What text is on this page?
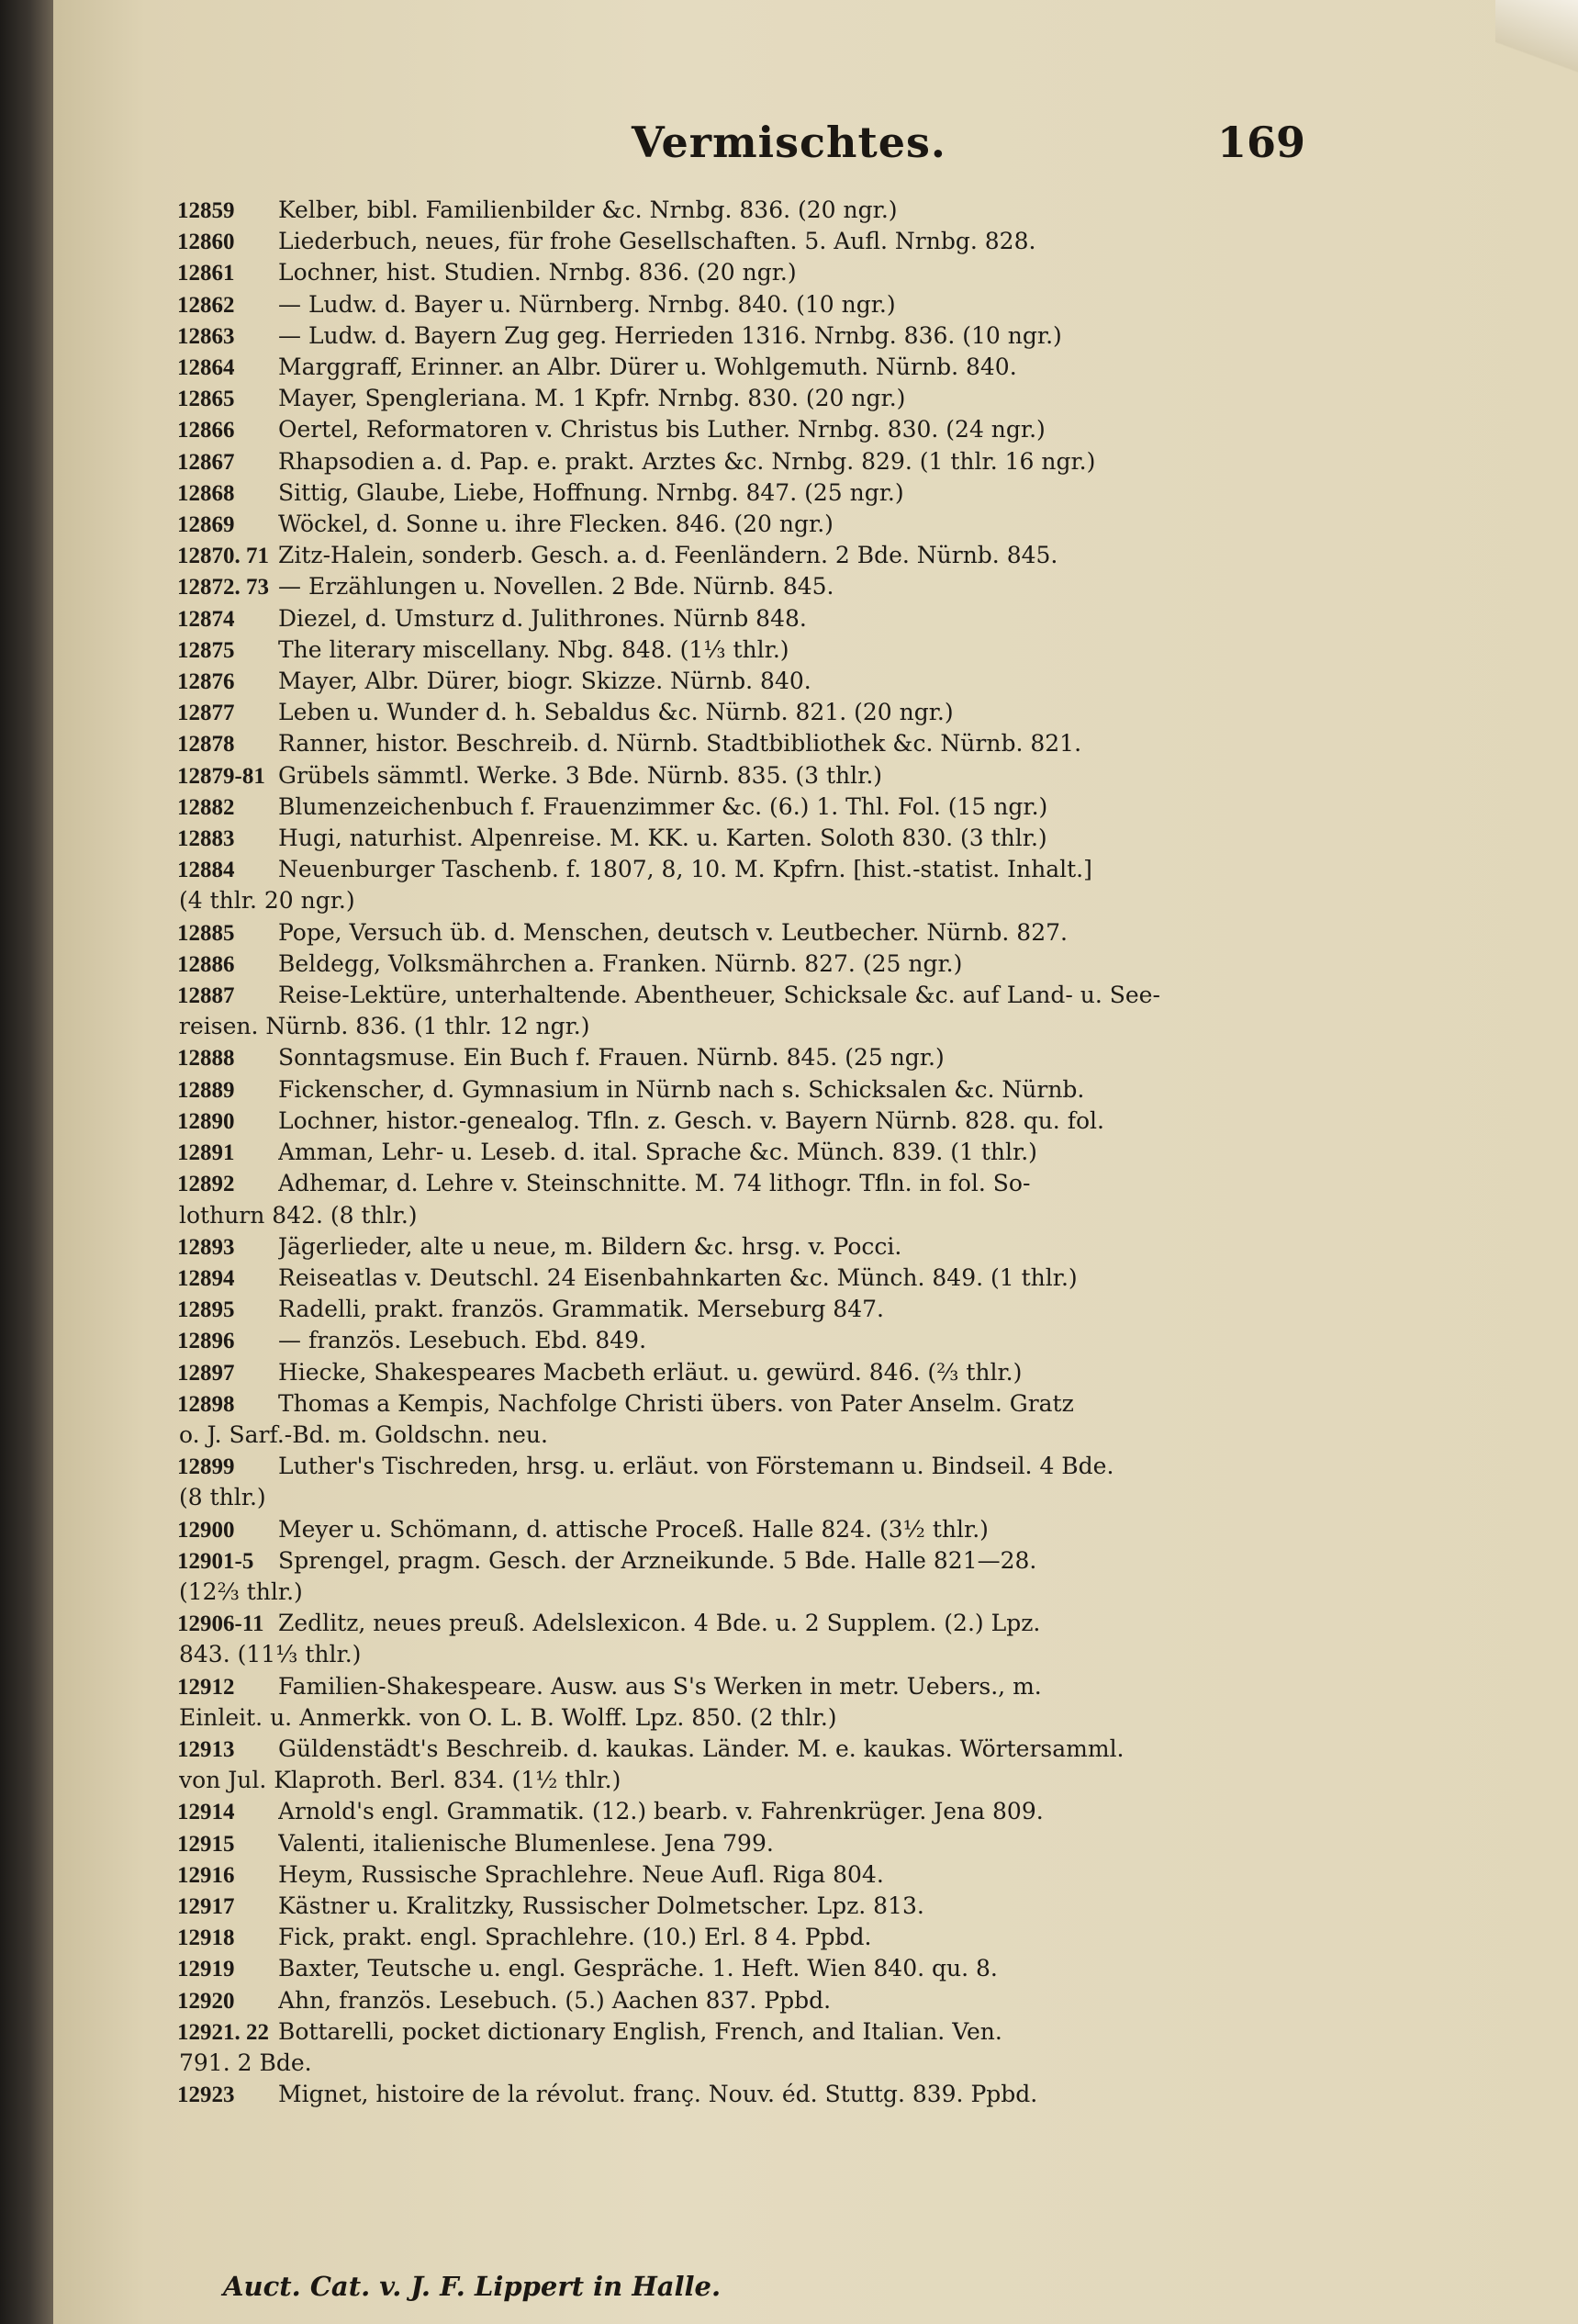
Vermischtes.	169
12859	Kelber, bibl. Familienbilder &c. Nrnbg. 836. (20 ngr.)
12860	Liederbuch, neues, für frohe Gesellschaften. 5. Aufl. Nrnbg. 828.
12861	Lochner, hist. Studien. Nrnbg. 836. (20 ngr.)
12862	— Ludw. d. Bayer u. Nürnberg. Nrnbg. 840. (10 ngr.)
12863	— Ludw. d. Bayern Zug geg. Herrieden 1316. Nrnbg. 836. (10 ngr.)
12864	Marggraff, Erinner. an Albr. Dürer u. Wohlgemuth. Nürnb. 840.
12865	Mayer, Spengleriana. M. 1 Kpfr. Nrnbg. 830. (20 ngr.)
12866	Oertel, Reformatoren v. Christus bis Luther. Nrnbg. 830. (24 ngr.)
12867	Rhapsodien a. d. Pap. e. prakt. Arztes &c. Nrnbg. 829. (1 thlr. 16 ngr.)
12868	Sittig, Glaube, Liebe, Hoffnung. Nrnbg. 847. (25 ngr.)
12869	Wöckel, d. Sonne u. ihre Flecken. 846. (20 ngr.)
12870. 71 Zitz-Halein, sonderb. Gesch. a. d. Feenländern. 2 Bde. Nürnb. 845.
12872. 73 — Erzählungen u. Novellen. 2 Bde. Nürnb. 845.
12874	Diezel, d. Umsturz d. Julithrones. Nürnb 848.
12875	The literary miscellany. Nbg. 848. (1⅓ thlr.)
12876	Mayer, Albr. Dürer, biogr. Skizze. Nürnb. 840.
12877	Leben u. Wunder d. h. Sebaldus &c. Nürnb. 821. (20 ngr.)
12878	Ranner, histor. Beschreib. d. Nürnb. Stadtbibliothek &c. Nürnb. 821.
12879-81 Grübels sämmtl. Werke. 3 Bde. Nürnb. 835. (3 thlr.)
12882	Blumenzeichenbuch f. Frauenzimmer &c. (6.) 1. Thl. Fol. (15 ngr.)
12883	Hugi, naturhist. Alpenreise. M. KK. u. Karten. Soloth 830. (3 thlr.)
12884	Neuenburger Taschenb. f. 1807, 8, 10. M. Kpfrn. [hist.-statist. Inhalt.]
(4 thlr. 20 ngr.)
12885	Pope, Versuch üb. d. Menschen, deutsch v. Leutbecher. Nürnb. 827.
12886	Beldegg, Volksmährchen a. Franken. Nürnb. 827. (25 ngr.)
12887	Reise-Lektüre, unterhaltende. Abentheuer, Schicksale &c. auf Land- u. See-
reisen. Nürnb. 836. (1 thlr. 12 ngr.)
12888	Sonntagsmuse. Ein Buch f. Frauen. Nürnb. 845. (25 ngr.)
12889	Fickenscher, d. Gymnasium in Nürnb nach s. Schicksalen &c. Nürnb.
12890	Lochner, histor.-genealog. Tfln. z. Gesch. v. Bayern Nürnb. 828. qu. fol.
12891	Amman, Lehr- u. Leseb. d. ital. Sprache &c. Münch. 839. (1 thlr.)
12892	Adhemar, d. Lehre v. Steinschnitte. M. 74 lithogr. Tfln. in fol. So-
lothurn 842. (8 thlr.)
12893	Jägerlieder, alte u neue, m. Bildern &c. hrsg. v. Pocci.
12894	Reiseatlas v. Deutschl. 24 Eisenbahnkarten &c. Münch. 849. (1 thlr.)
12895	Radelli, prakt. französ. Grammatik. Merseburg 847.
12896	— französ. Lesebuch. Ebd. 849.
12897	Hiecke, Shakespeares Macbeth erläut. u. gewürd. 846. (⅔ thlr.)
12898	Thomas a Kempis, Nachfolge Christi übers. von Pater Anselm. Gratz
o. J. Sarf.-Bd. m. Goldschn. neu.
12899	Luther's Tischreden, hrsg. u. erläut. von Förstemann u. Bindseil. 4 Bde.
(8 thlr.)
12900	Meyer u. Schömann, d. attische Proceß. Halle 824. (3½ thlr.)
12901-5	Sprengel, pragm. Gesch. der Arzneikunde. 5 Bde. Halle 821—28.
(12⅔ thlr.)
12906-11 Zedlitz, neues preuß. Adelslexicon. 4 Bde. u. 2 Supplem. (2.) Lpz.
843. (11⅓ thlr.)
12912	Familien-Shakespeare. Ausw. aus S's Werken in metr. Uebers., m.
Einleit. u. Anmerkk. von O. L. B. Wolff. Lpz. 850. (2 thlr.)
12913	Güldenstädt's Beschreib. d. kaukas. Länder. M. e. kaukas. Wörtersamml.
von Jul. Klaproth. Berl. 834. (1½ thlr.)
12914	Arnold's engl. Grammatik. (12.) bearb. v. Fahrenkrüger. Jena 809.
12915	Valenti, italienische Blumenlese. Jena 799.
12916	Heym, Russische Sprachlehre. Neue Aufl. Riga 804.
12917	Kästner u. Kralitzky, Russischer Dolmetscher. Lpz. 813.
12918	Fick, prakt. engl. Sprachlehre. (10.) Erl. 8 4. Ppbd.
12919	Baxter, Teutsche u. engl. Gespräche. 1. Heft. Wien 840. qu. 8.
12920	Ahn, französ. Lesebuch. (5.) Aachen 837. Ppbd.
12921. 22 Bottarelli, pocket dictionary English, French, and Italian. Ven.
791. 2 Bde.
12923	Mignet, histoire de la révolut. franç. Nouv. éd. Stuttg. 839. Ppbd.
Auct. Cat. v. J. F. Lippert in Halle.
